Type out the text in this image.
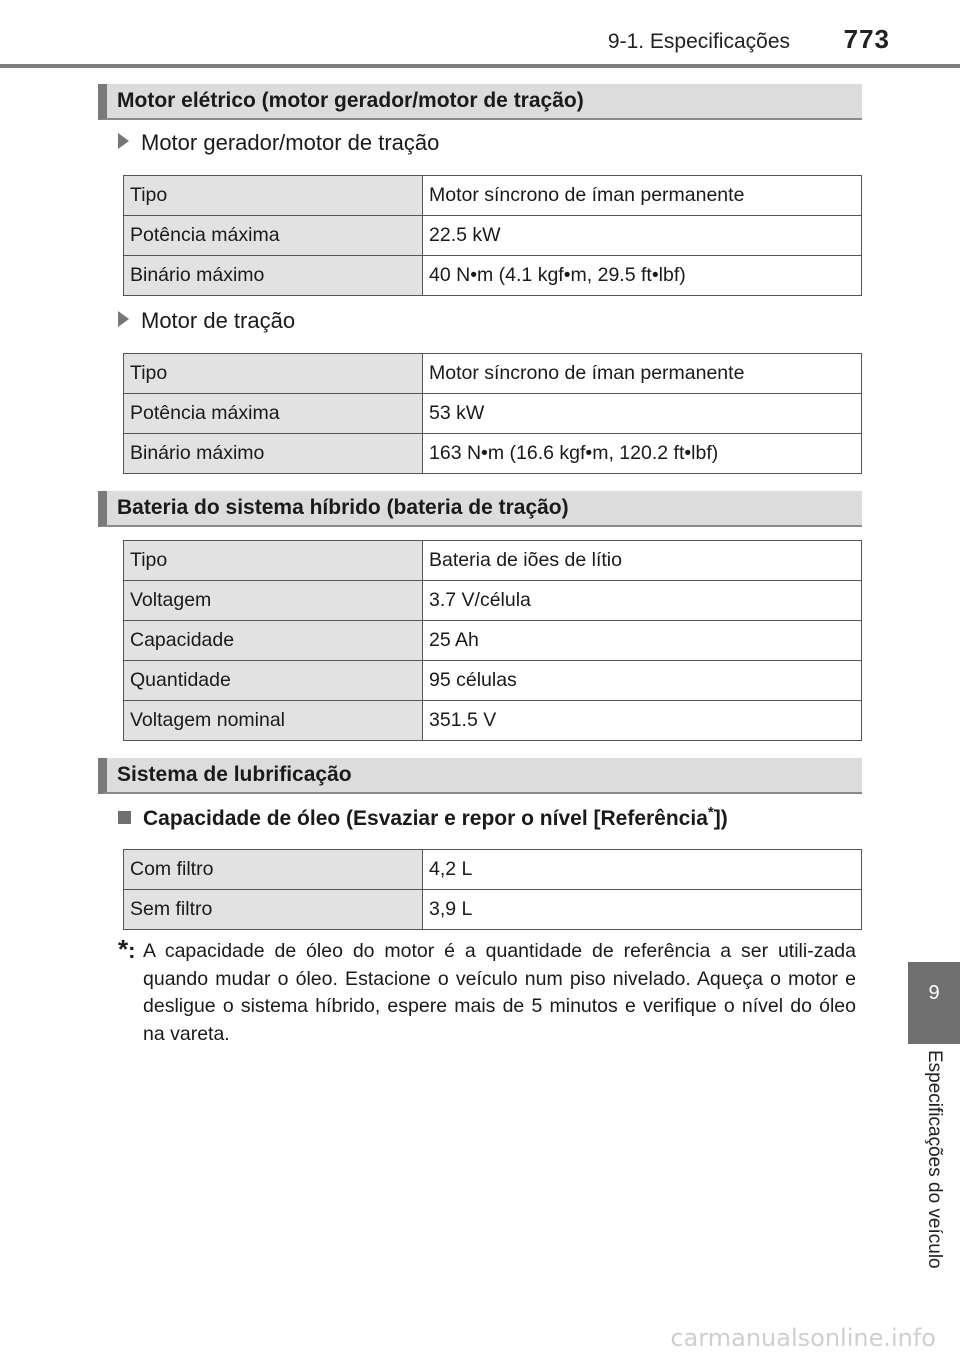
9-1. Especificações 773
9
Especificações do veículo
Motor elétrico (motor gerador/motor de tração)
Motor gerador/motor de tração
Tipo	Motor síncrono de íman permanente
Potência máxima	22.5 kW
Binário máximo	40 N•m (4.1 kgf•m, 29.5 ft•lbf)
Motor de tração
Tipo	Motor síncrono de íman permanente
Potência máxima	53 kW
Binário máximo	163 N•m (16.6 kgf•m, 120.2 ft•lbf)
Bateria do sistema híbrido (bateria de tração)
Tipo	Bateria de iões de lítio
Voltagem	3.7 V/célula
Capacidade	25 Ah
Quantidade	95 células
Voltagem nominal	351.5 V
Sistema de lubrificação
Capacidade de óleo (Esvaziar e repor o nível [Referência*])
Com filtro	4,2 L
Sem filtro	3,9 L
*: A capacidade de óleo do motor é a quantidade de referência a ser utili-zada quando mudar o óleo. Estacione o veículo num piso nivelado. Aqueça o motor e desligue o sistema híbrido, espere mais de 5 minutos e verifique o nível do óleo na vareta.
carmanualsonline.info
